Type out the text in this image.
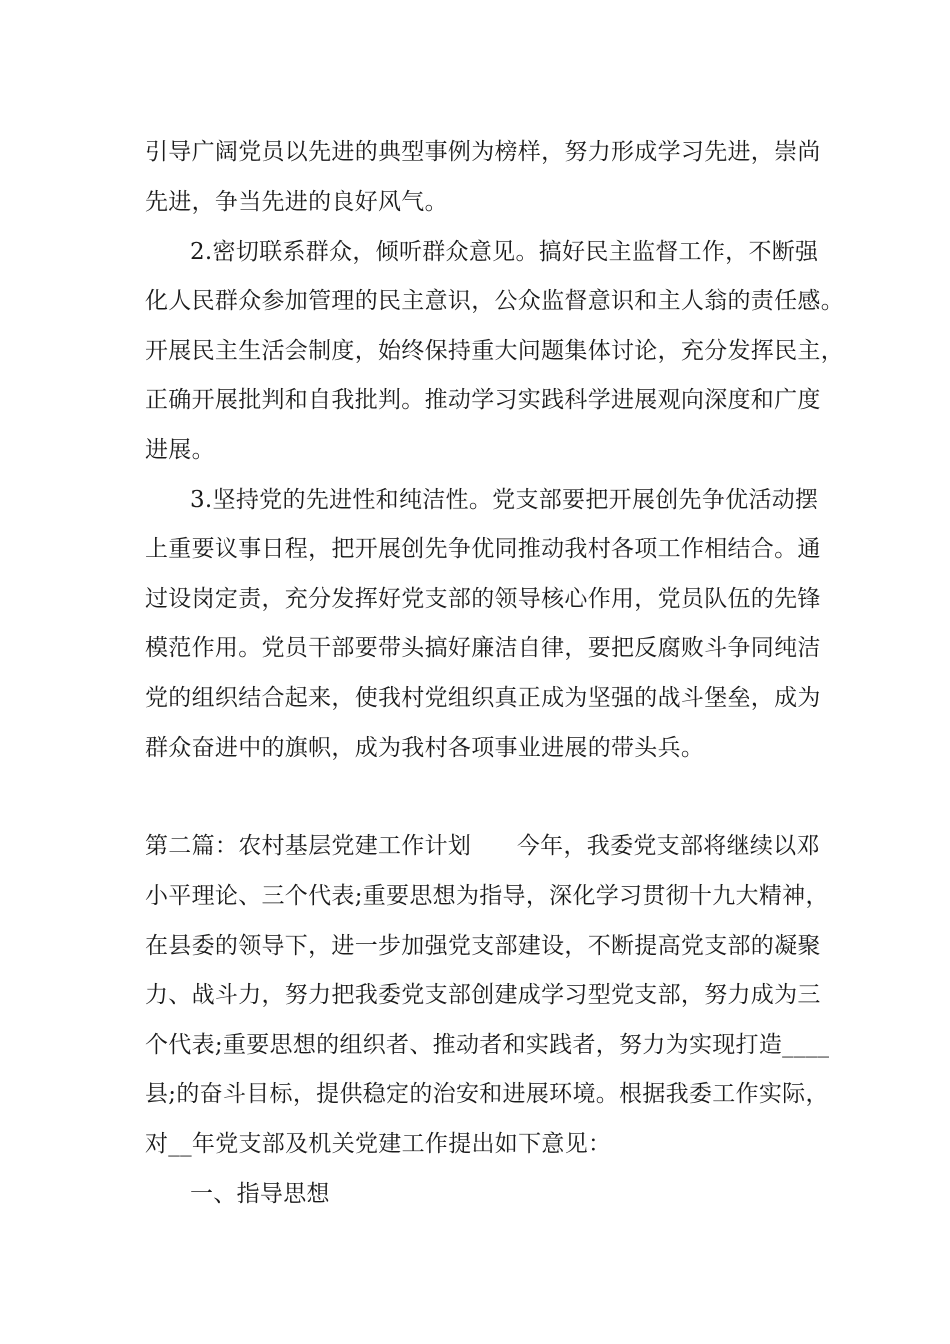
引导广阔党员以先进的典型事例为榜样，努力形成学习先进，崇尚
先进，争当先进的良好风气。
2.密切联系群众，倾听群众意见。搞好民主监督工作，不断强
化人民群众参加管理的民主意识，公众监督意识和主人翁的责任感。
开展民主生活会制度，始终保持重大问题集体讨论，充分发挥民主，
正确开展批判和自我批判。推动学习实践科学进展观向深度和广度
进展。
3.坚持党的先进性和纯洁性。党支部要把开展创先争优活动摆
上重要议事日程，把开展创先争优同推动我村各项工作相结合。通
过设岗定责，充分发挥好党支部的领导核心作用，党员队伍的先锋
模范作用。党员干部要带头搞好廉洁自律，要把反腐败斗争同纯洁
党的组织结合起来，使我村党组织真正成为坚强的战斗堡垒，成为
群众奋进中的旗帜，成为我村各项事业进展的带头兵。
第二篇：农村基层党建工作计划      今年，我委党支部将继续以邓
小平理论、三个代表;重要思想为指导，深化学习贯彻十九大精神，
在县委的领导下，进一步加强党支部建设，不断提高党支部的凝聚
力、战斗力，努力把我委党支部创建成学习型党支部，努力成为三
个代表;重要思想的组织者、推动者和实践者，努力为实现打造____
县;的奋斗目标，提供稳定的治安和进展环境。根据我委工作实际，
对__年党支部及机关党建工作提出如下意见：
一、指导思想
